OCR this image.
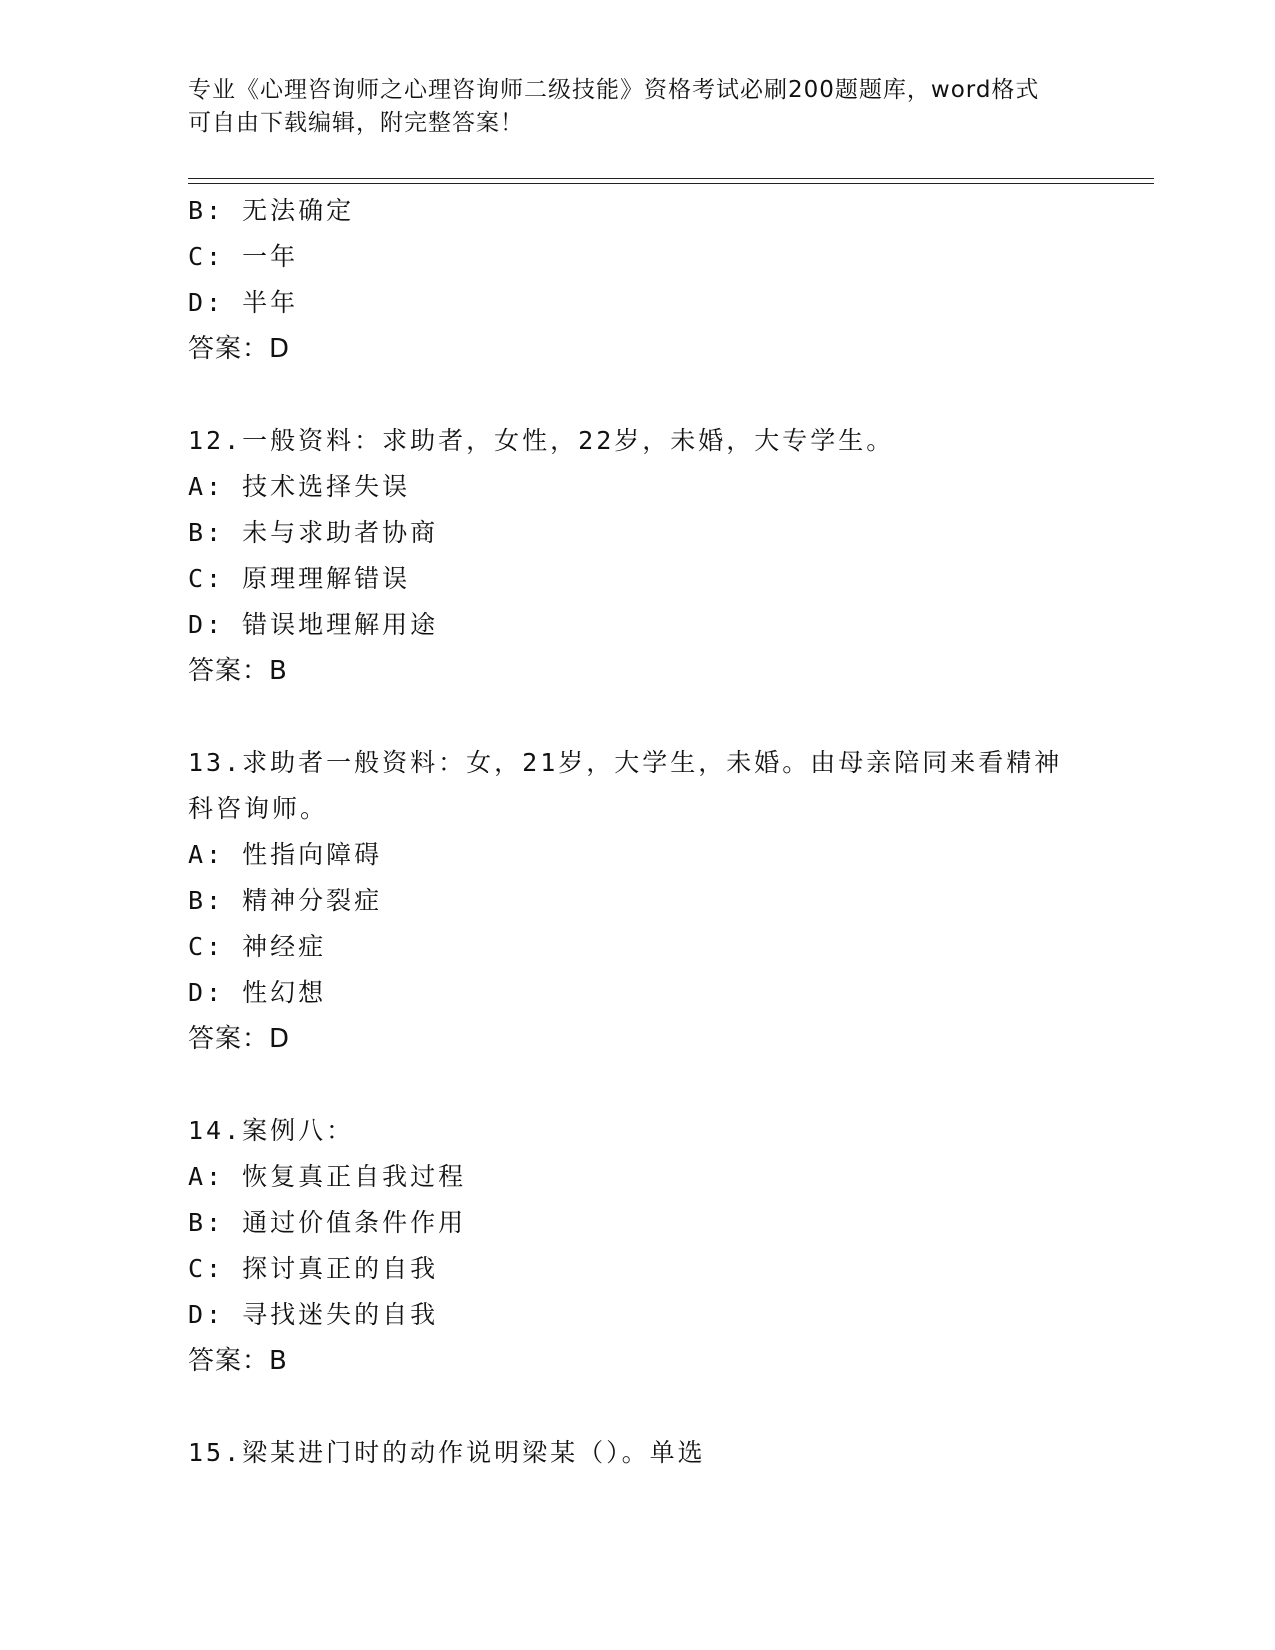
专业《心理咨询师之心理咨询师二级技能》资格考试必刷200题题库，word格式
可自由下载编辑，附完整答案！
B: 无法确定
C: 一年
D: 半年
答案：D
12.一般资料：求助者，女性，22岁，未婚，大专学生。
A: 技术选择失误
B: 未与求助者协商
C: 原理理解错误
D: 错误地理解用途
答案：B
13.求助者一般资料：女，21岁，大学生，未婚。由母亲陪同来看精神
科咨询师。
A: 性指向障碍
B: 精神分裂症
C: 神经症
D: 性幻想
答案：D
14.案例八：
A: 恢复真正自我过程
B: 通过价值条件作用
C: 探讨真正的自我
D: 寻找迷失的自我
答案：B
15.梁某进门时的动作说明梁某（）。单选
